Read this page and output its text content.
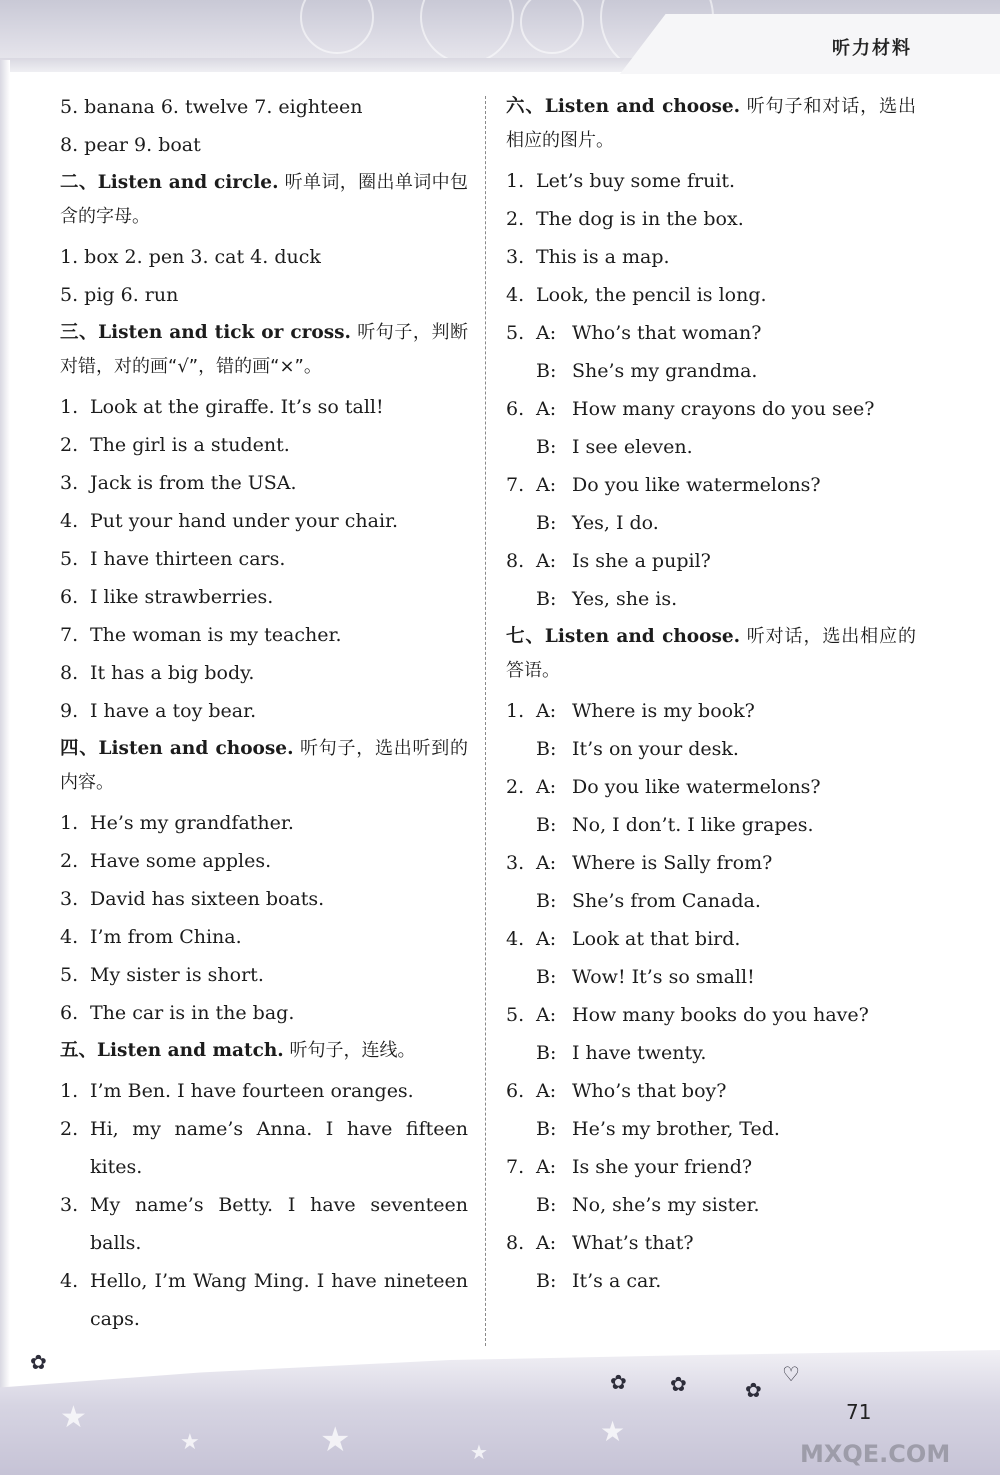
听力材料
5. banana 6. twelve 7. eighteen
8. pear 9. boat
二、Listen and circle. 听单词，圈出单词中包含的字母。
1. box 2. pen 3. cat 4. duck
5. pig 6. run
三、Listen and tick or cross. 听句子，判断对错，对的画“√”，错的画“×”。
1. Look at the giraffe. It’s so tall!
2. The girl is a student.
3. Jack is from the USA.
4. Put your hand under your chair.
5. I have thirteen cars.
6. I like strawberries.
7. The woman is my teacher.
8. It has a big body.
9. I have a toy bear.
四、Listen and choose. 听句子，选出听到的内容。
1. He’s my grandfather.
2. Have some apples.
3. David has sixteen boats.
4. I’m from China.
5. My sister is short.
6. The car is in the bag.
五、Listen and match. 听句子，连线。
1. I’m Ben. I have fourteen oranges.
2. Hi, my name’s Anna. I have fifteen
kites.
3. My name’s Betty. I have seventeen
balls.
4. Hello, I’m Wang Ming. I have nineteen
caps.
六、Listen and choose. 听句子和对话，选出相应的图片。
1. Let’s buy some fruit.
2. The dog is in the box.
3. This is a map.
4. Look, the pencil is long.
5. A: Who’s that woman?
B: She’s my grandma.
6. A: How many crayons do you see?
B: I see eleven.
7. A: Do you like watermelons?
B: Yes, I do.
8. A: Is she a pupil?
B: Yes, she is.
七、Listen and choose. 听对话，选出相应的答语。
1. A: Where is my book?
B: It’s on your desk.
2. A: Do you like watermelons?
B: No, I don’t. I like grapes.
3. A: Where is Sally from?
B: She’s from Canada.
4. A: Look at that bird.
B: Wow! It’s so small!
5. A: How many books do you have?
B: I have twenty.
6. A: Who’s that boy?
B: He’s my brother, Ted.
7. A: Is she your friend?
B: No, she’s my sister.
8. A: What’s that?
B: It’s a car.
★
★	★	★
★
✿
✿ ✿	✿
♡
71
MXQE.COM
